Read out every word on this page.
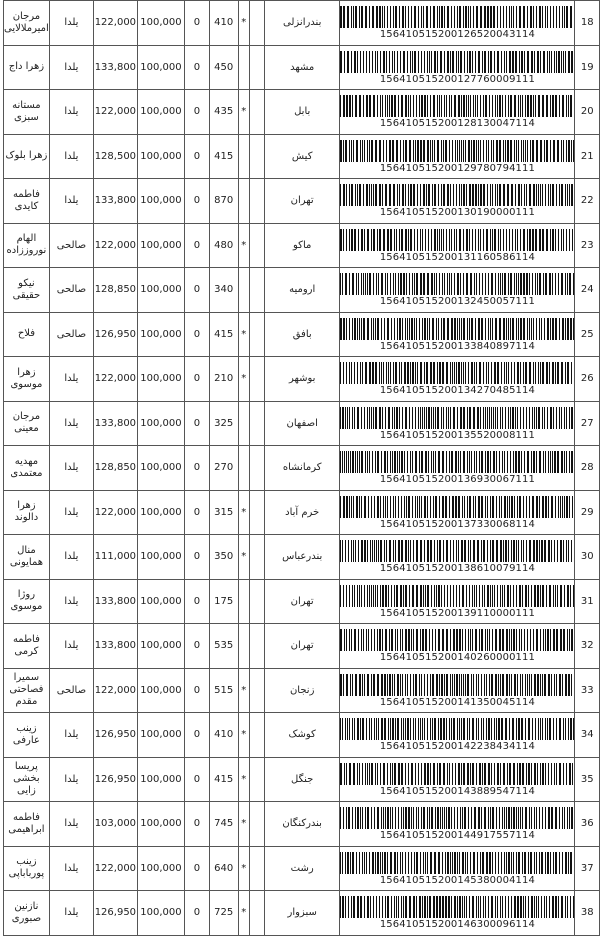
مرجان امیرملالایی	یلدا	122,000	100,000	0	410	*		بندرانزلی	156410515200126520043114	18
زهرا داج	یلدا	133,800	100,000	0	450			مشهد	156410515200127760009111	19
مستانه سبزی	یلدا	122,000	100,000	0	435	*		بابل	156410515200128130047114	20
زهرا بلوک	یلدا	128,500	100,000	0	415			کیش	156410515200129780794111	21
فاطمه کایدی	یلدا	133,800	100,000	0	870			تهران	156410515200130190000111	22
الهام نوروززاده	صالحی	122,000	100,000	0	480	*		ماکو	156410515200131160586114	23
نیکو حقیقی	صالحی	128,850	100,000	0	340			ارومیه	156410515200132450057111	24
فلاح	صالحی	126,950	100,000	0	415	*		بافق	156410515200133840897114	25
زهرا موسوی	یلدا	122,000	100,000	0	210	*		بوشهر	156410515200134270485114	26
مرجان معینی	یلدا	133,800	100,000	0	325			اصفهان	156410515200135520008111	27
مهدیه معتمدی	یلدا	128,850	100,000	0	270			کرمانشاه	156410515200136930067111	28
زهرا دالوند	یلدا	122,000	100,000	0	315	*		خرم آباد	156410515200137330068114	29
منال همایونی	یلدا	111,000	100,000	0	350	*		بندرعباس	156410515200138610079114	30
روژا موسوی	یلدا	133,800	100,000	0	175			تهران	156410515200139110000111	31
فاطمه کرمی	یلدا	133,800	100,000	0	535			تهران	156410515200140260000111	32
سمیرا فصاحتی مقدم	صالحی	122,000	100,000	0	515	*		زنجان	156410515200141350045114	33
زینب عارفی	یلدا	126,950	100,000	0	410	*		کوشک	156410515200142238434114	34
پریسا بخشی زایی	یلدا	126,950	100,000	0	415	*		جنگل	156410515200143889547114	35
فاطمه ابراهیمی	یلدا	103,000	100,000	0	745	*		بندرکنگان	156410515200144917557114	36
زینب پورباباپی	یلدا	122,000	100,000	0	640	*		رشت	156410515200145380004114	37
نازنین صبوری	یلدا	126,950	100,000	0	725	*		سبزوار	156410515200146300096114	38
